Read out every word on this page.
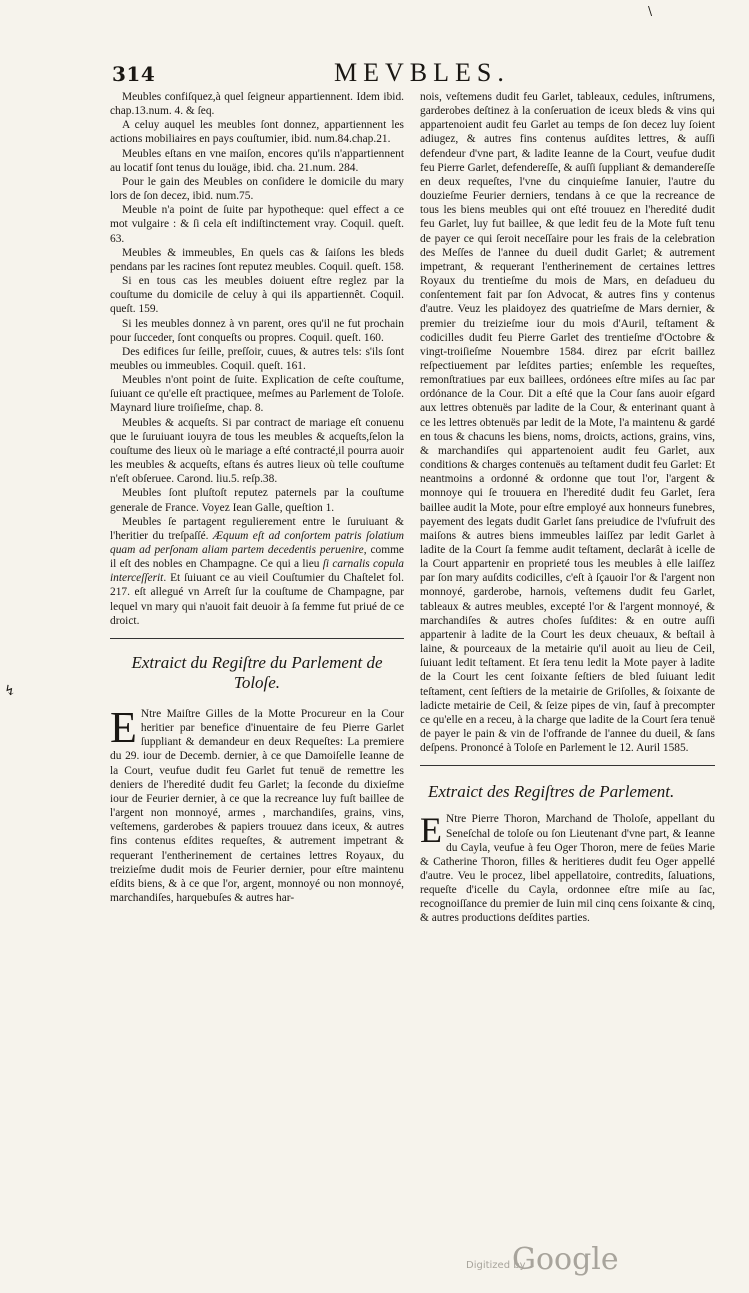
\
314	MEVBLES.
↯

Meubles confiſquez,à quel ſeigneur appartiennent. Idem ibid. chap.13.num. 4. & ſeq.

A celuy auquel les meubles ſont donnez, appartiennent les actions mobiliaires en pays couſtumier, ibid. num.84.chap.21.

Meubles eſtans en vne maiſon, encores qu'ils n'appartiennent au locatif ſont tenus du louäge, ibid. cha. 21.num. 284.

Pour le gain des Meubles on conſidere le domicile du mary lors de ſon decez, ibid. num.75.

Meuble n'a point de ſuite par hypotheque: quel effect a ce mot vulgaire : & ſi cela eſt indiſtinctement vray. Coquil. queſt. 63.

Meubles & immeubles, En quels cas & ſaiſons les bleds pendans par les racines ſont reputez meubles. Coquil. queſt. 158.

Si en tous cas les meubles doiuent eſtre reglez par la couſtume du domicile de celuy à qui ils appartiennêt. Coquil. queſt. 159.

Si les meubles donnez à vn parent, ores qu'il ne fut prochain pour ſucceder, ſont conqueſts ou propres. Coquil. queſt. 160.

Des edifices ſur ſeille, preſſoir, cuues, & autres tels: s'ils ſont meubles ou immeubles. Coquil. queſt. 161.

Meubles n'ont point de ſuite. Explication de ceſte couſtume, ſuiuant ce qu'elle eſt practiquee, meſmes au Parlement de Toloſe. Maynard liure troiſieſme, chap. 8.

Meubles & acqueſts. Si par contract de mariage eſt conuenu que le ſuruiuant iouyra de tous les meubles & acqueſts,ſelon la couſtume des lieux où le mariage a eſté contracté,il pourra auoir les meubles & acqueſts, eſtans és autres lieux où telle couſtume n'eſt obſeruee. Carond. liu.5. reſp.38.

Meubles ſont pluſtoſt reputez paternels par la couſtume generale de France. Voyez Iean Galle, queſtion 1.

Meubles ſe partagent regulierement entre le ſuruiuant & l'heritier du treſpaſſé. Æquum eſt ad conſortem patris ſolatium quam ad perſonam aliam partem decedentis peruenire, comme il eſt des nobles en Champagne. Ce qui a lieu ſi carnalis copula interceſſerit. Et ſuiuant ce au vieil Couſtumier du Chaſtelet fol. 217. eſt allegué vn Arreſt ſur la couſtume de Champagne, par lequel vn mary qui n'auoit fait deuoir à ſa femme fut priué de ce droict.

Extraict du Regiſtre du Parlement de Toloſe.

E Ntre Maiſtre Gilles de la Motte Procureur en la Cour heritier par benefice d'inuentaire de feu Pierre Garlet ſuppliant & demandeur en deux Requeſtes: La premiere du 29. iour de Decemb. dernier, à ce que Damoiſelle Ieanne de la Court, veufue dudit feu Garlet fut tenuë de remettre les deniers de l'heredité dudit feu Garlet; la ſeconde du dixieſme iour de Feurier dernier, à ce que la recreance luy fuſt baillee de l'argent non monnoyé, armes , marchandiſes, grains, vins, veſtemens, garderobes & papiers trouuez dans iceux, & autres fins contenus eſdites requeſtes, & autrement impetrant & requerant l'entherinement de certaines lettres Royaux, du treizieſme dudit mois de Feurier dernier, pour eſtre maintenu eſdits biens, & à ce que l'or, argent, monnoyé ou non monnoyé, marchandiſes, harquebuſes & autres har-

nois, veſtemens dudit feu Garlet, tableaux, cedules, inſtrumens, garderobes deſtinez à la conſeruation de iceux bleds & vins qui appartenoient audit feu Garlet au temps de ſon decez luy ſoient adiugez, & autres fins contenus auſdites lettres, & auſſi defendeur d'vne part, & ladite Ieanne de la Court, veufue dudit feu Pierre Garlet, defendereſſe, & auſſi ſuppliant & demandereſſe en deux requeſtes, l'vne du cinquieſme Ianuier, l'autre du douzieſme Feurier derniers, tendans à ce que la recreance de tous les biens meubles qui ont eſté trouuez en l'heredité dudit feu Garlet, luy fut baillee, & que ledit feu de la Mote fuſt tenu de payer ce qui ſeroit neceſſaire pour les frais de la celebration des Meſſes de l'annee du dueil dudit Garlet; & autrement impetrant, & requerant l'entherinement de certaines lettres Royaux du trentieſme du mois de Mars, en deſadueu du conſentement fait par ſon Advocat, & autres fins y contenus d'autre. Veuz les plaidoyez des quatrieſme de Mars dernier, & premier du treizieſme iour du mois d'Auril, teſtament & codicilles dudit feu Pierre Garlet des trentieſme d'Octobre & vingt-troiſieſme Nouembre 1584. direz par eſcrit baillez reſpectiuement par leſdites parties; enſemble les requeſtes, remonſtratiues par eux baillees, ordónees eſtre miſes au ſac par ordónance de la Cour. Dit a eſté que la Cour ſans auoir eſgard aux lettres obtenuës par ladite de la Cour, & enterinant quant à ce les lettres obtenuës par ledit de la Mote, l'a maintenu & gardé en tous & chacuns les biens, noms, droicts, actions, grains, vins, & marchandiſes qui appartenoient audit feu Garlet, aux conditions & charges contenuës au teſtament dudit feu Garlet: Et neantmoins a ordonné & ordonne que tout l'or, l'argent & monnoye qui ſe trouuera en l'heredité dudit feu Garlet, ſera baillee audit la Mote, pour eſtre employé aux honneurs funebres, payement des legats dudit Garlet ſans preiudice de l'vſufruit des maiſons & autres biens immeubles laiſſez par ledit Garlet à ladite de la Court ſa femme audit teſtament, declarât à icelle de la Court appartenir en proprieté tous les meubles à elle laiſſez par ſon mary auſdits codicilles, c'eſt à ſçauoir l'or & l'argent non monnoyé, garderobe, harnois, veſtemens dudit feu Garlet, tableaux & autres meubles, excepté l'or & l'argent monnoyé, & marchandiſes & autres choſes ſuſdites: & en outre auſſi appartenir à ladite de la Court les deux cheuaux, & beſtail à laine, & pourceaux de la metairie qu'il auoit au lieu de Ceil, ſuiuant ledit teſtament. Et ſera tenu ledit la Mote payer à ladite de la Court les cent ſoixante ſeſtiers de bled ſuiuant ledit teſtament, cent ſeſtiers de la metairie de Griſolles, & ſoixante de ladicte metairie de Ceil, & ſeize pipes de vin, ſauf à precompter ce qu'elle en a receu, à la charge que ladite de la Court ſera tenuë de payer le pain & vin de l'offrande de l'annee du dueil, & ſans deſpens. Prononcé à Toloſe en Parlement le 12. Auril 1585.

Extraict des Regiſtres de Parlement.

E Ntre Pierre Thoron, Marchand de Tholoſe, appellant du Seneſchal de toloſe ou ſon Lieutenant d'vne part, & Ieanne du Cayla, veufue à feu Oger Thoron, mere de feües Marie & Catherine Thoron, filles & heritieres dudit feu Oger appellé d'autre. Veu le procez, libel appellatoire, contredits, ſaluations, requeſte d'icelle du Cayla, ordonnee eſtre miſe au ſac, recognoiſſance du premier de Iuin mil cinq cens ſoixante & cinq, & autres productions deſdites parties.

Digitized by
Google
